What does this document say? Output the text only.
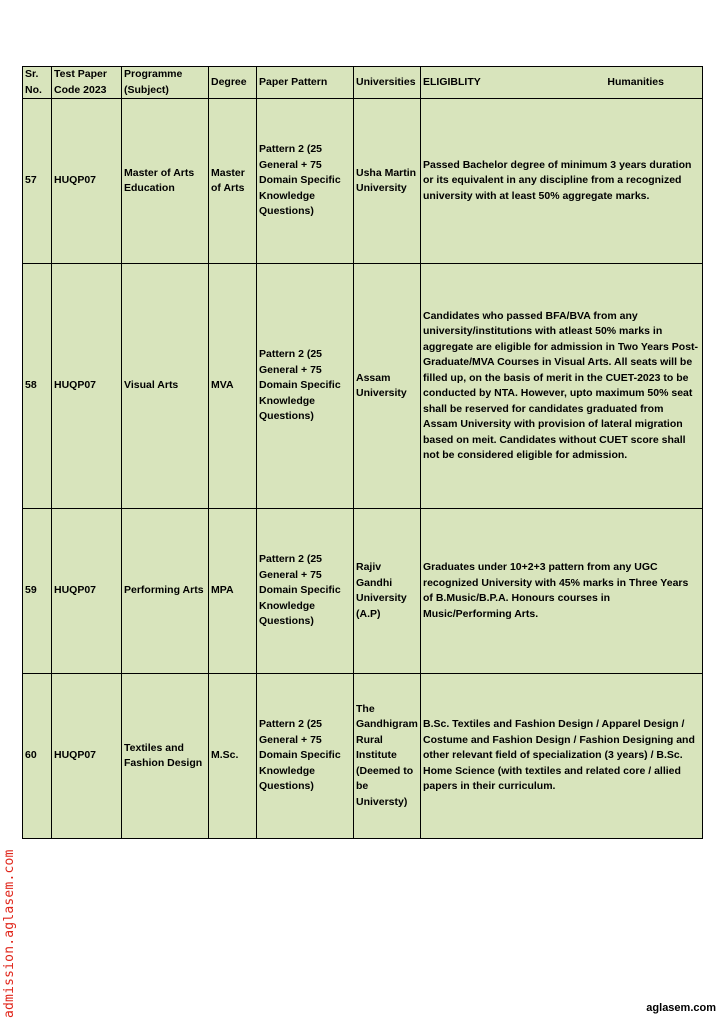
Sr. No.	Test Paper Code 2023	Programme (Subject)	Degree	Paper Pattern	Universities	ELIGIBLITY Humanities

57	HUQP07	Master of Arts Education	Master of Arts	Pattern 2 (25 General + 75 Domain Specific Knowledge Questions)	Usha Martin University	Passed Bachelor degree of minimum 3 years duration or its equivalent in any discipline from a recognized university with at least 50% aggregate marks.
58	HUQP07	Visual Arts	MVA	Pattern 2 (25 General + 75 Domain Specific Knowledge Questions)	Assam University	Candidates who passed BFA/BVA from any university/institutions with atleast 50% marks in aggregate are eligible for admission in Two Years Post-Graduate/MVA Courses in Visual Arts. All seats will be filled up, on the basis of merit in the CUET-2023 to be conducted by NTA. However, upto maximum 50% seat shall be reserved for candidates graduated from Assam University with provision of lateral migration based on meit. Candidates without CUET score shall not be considered eligible for admission.
59	HUQP07	Performing Arts	MPA	Pattern 2 (25 General + 75 Domain Specific Knowledge Questions)	Rajiv Gandhi University (A.P)	Graduates under 10+2+3 pattern from any UGC recognized University with 45% marks in Three Years of B.Music/B.P.A. Honours courses in Music/Performing Arts.
60	HUQP07	Textiles and Fashion Design	M.Sc.	Pattern 2 (25 General + 75 Domain Specific Knowledge Questions)	The Gandhigram Rural Institute (Deemed to be Universty)	B.Sc. Textiles and Fashion Design / Apparel Design / Costume and Fashion Design / Fashion Designing and other relevant field of specialization (3 years) / B.Sc. Home Science (with textiles and related core / allied papers in their curriculum.
admission.aglasem.com	aglasem.com
